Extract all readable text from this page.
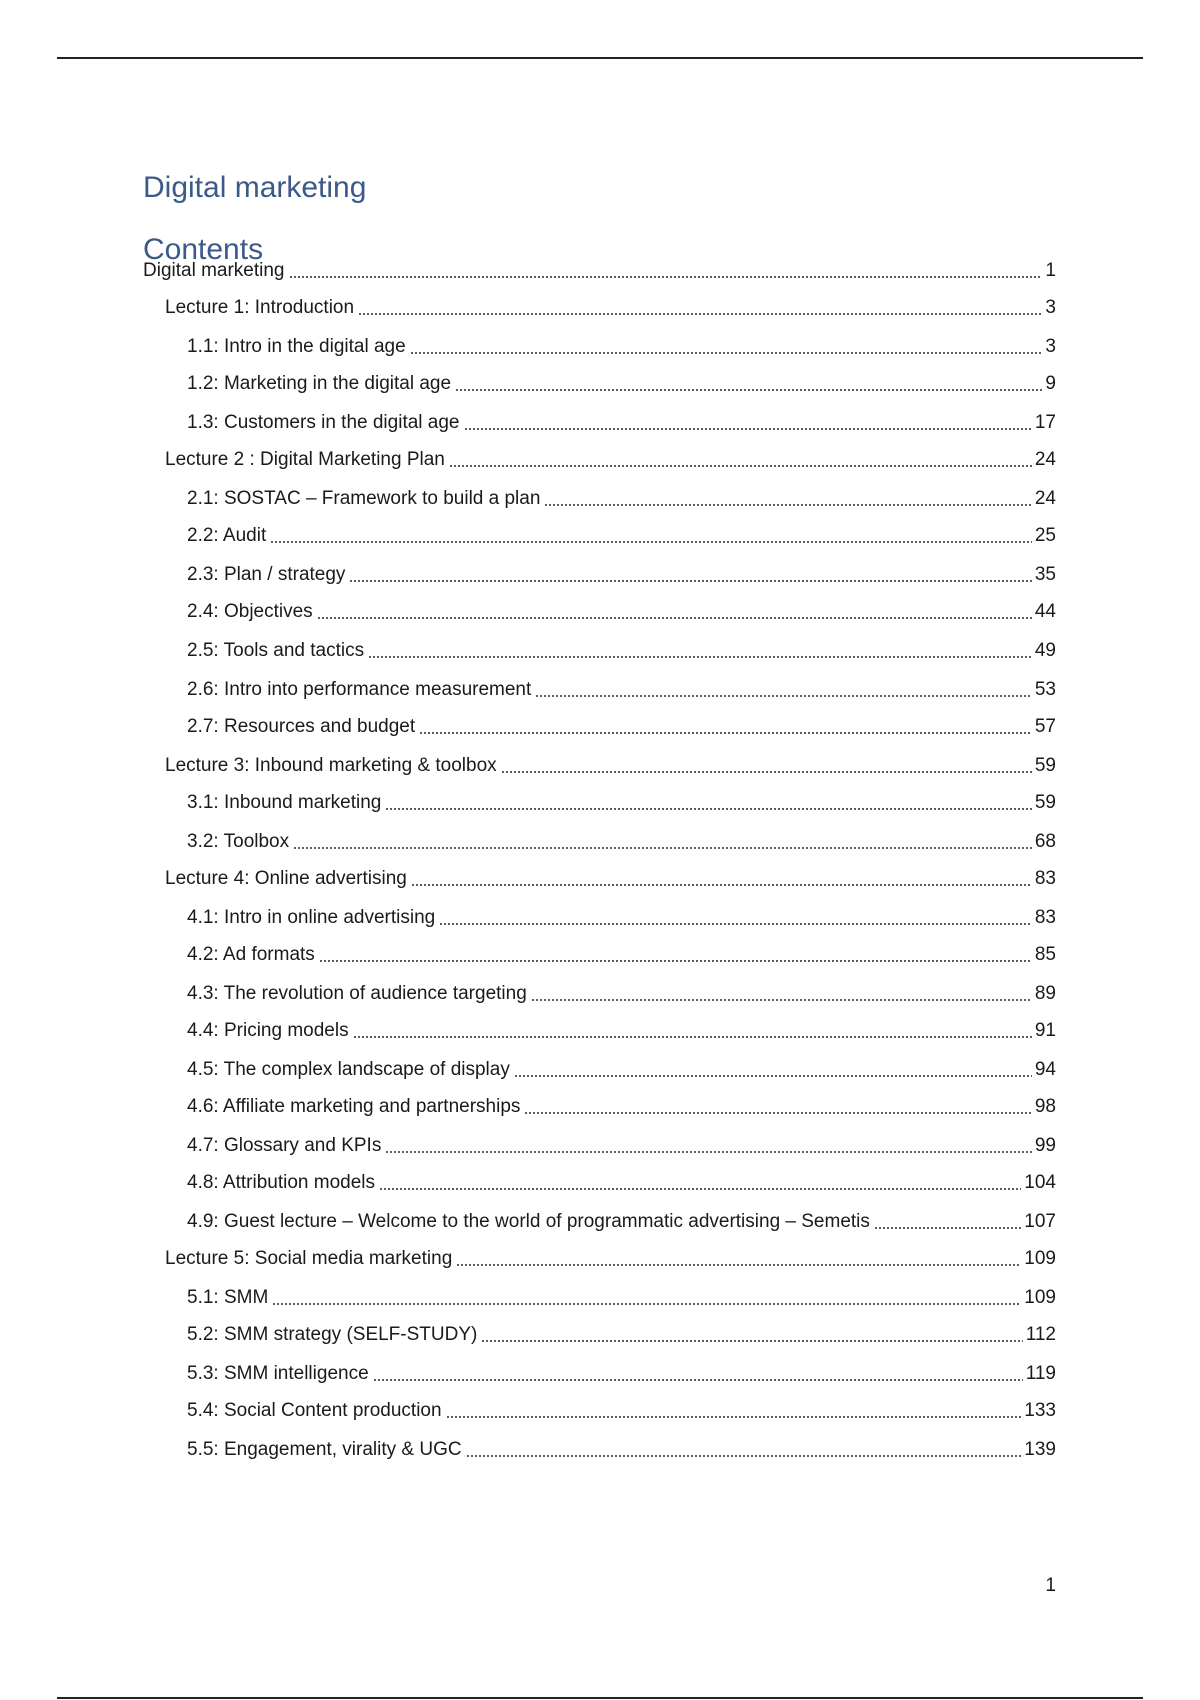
Digital marketing
Contents
Digital marketing	1
Lecture 1: Introduction	3
1.1: Intro in the digital age	3
1.2: Marketing in the digital age	9
1.3: Customers in the digital age	17
Lecture 2 : Digital Marketing Plan	24
2.1: SOSTAC – Framework to build a plan	24
2.2: Audit	25
2.3: Plan / strategy	35
2.4: Objectives	44
2.5: Tools and tactics	49
2.6: Intro into performance measurement	53
2.7: Resources and budget	57
Lecture 3: Inbound marketing & toolbox	59
3.1: Inbound marketing	59
3.2: Toolbox	68
Lecture 4: Online advertising	83
4.1: Intro in online advertising	83
4.2: Ad formats	85
4.3: The revolution of audience targeting	89
4.4: Pricing models	91
4.5: The complex landscape of display	94
4.6: Affiliate marketing and partnerships	98
4.7: Glossary and KPIs	99
4.8: Attribution models	104
4.9: Guest lecture – Welcome to the world of programmatic advertising – Semetis	107
Lecture 5: Social media marketing	109
5.1: SMM	109
5.2: SMM strategy (SELF-STUDY)	112
5.3: SMM intelligence	119
5.4: Social Content production	133
5.5: Engagement, virality & UGC	139
1
